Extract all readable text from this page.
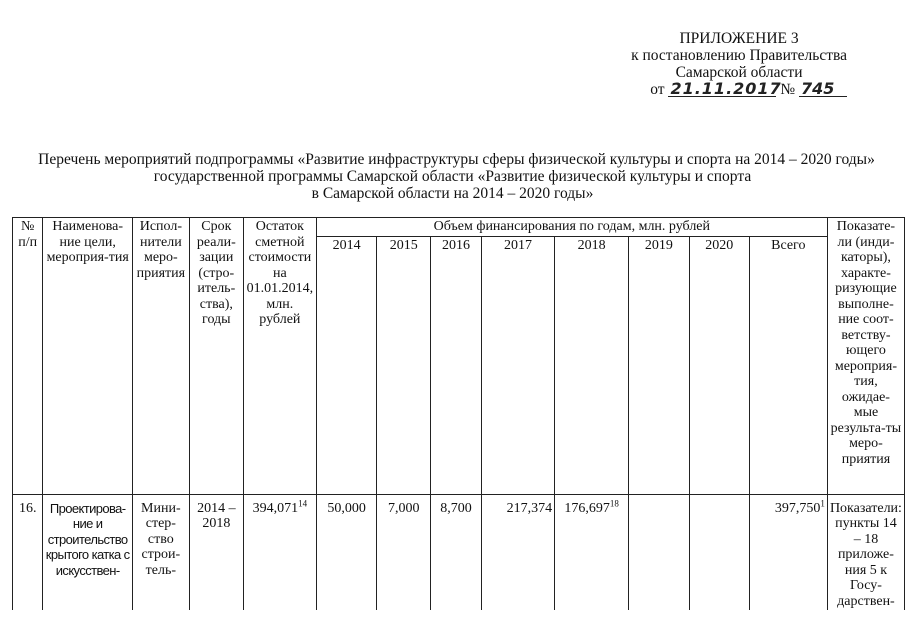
ПРИЛОЖЕНИЕ 3
к постановлению Правительства
Самарской области
от 21.11.2017 № 745
Перечень мероприятий подпрограммы «Развитие инфраструктуры сферы физической культуры и спорта на 2014 – 2020 годы»
государственной программы Самарской области «Развитие физической культуры и спорта
в Самарской области на 2014 – 2020 годы»
№ п/п	Наименова-ние цели, мероприя-тия	Испол-нители меро-приятия	Срок реали-зации (стро-итель-ства), годы	Остаток сметной стоимости на 01.01.2014, млн. рублей	Объем финансирования по годам, млн. рублей								Показате-ли (инди-каторы), характе-ризующие выполне-ние соот-ветству-ющего мероприя-тия, ожидае-мые результа-ты меро-приятия
					2014	2015	2016	2017	2018	2019	2020	Всего	
16.	Проектирова-ние и строительство крытого катка с искусствен-	Мини-стер-ство строи-тель-	2014 – 2018	394,071$^{14}$	50,000	7,000	8,700	217,374	176,697$^{18}$			397,750$^1$	Показатели: пункты 14 – 18 приложе-ния 5 к Госу-дарствен-
